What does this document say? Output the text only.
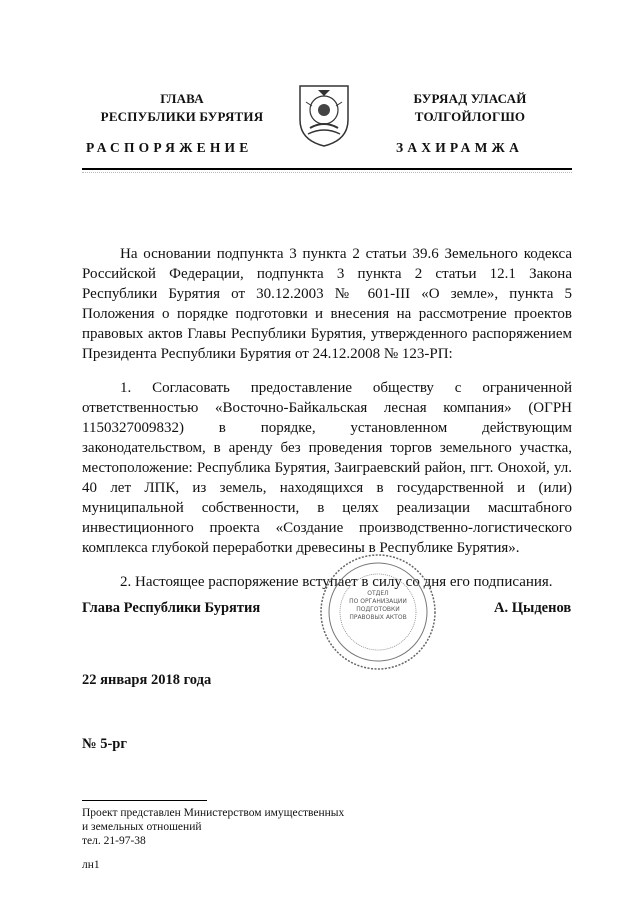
ГЛАВА
РЕСПУБЛИКИ БУРЯТИЯ
БУРЯАД УЛАСАЙ
ТОЛГОЙЛОГШО
РАСПОРЯЖЕНИЕ	ЗАХИРАМЖА

На основании подпункта 3 пункта 2 статьи 39.6 Земельного кодекса Российской Федерации, подпункта 3 пункта 2 статьи 12.1 Закона Республики Бурятия от 30.12.2003 № 601-III «О земле», пункта 5 Положения о порядке подготовки и внесения на рассмотрение проектов правовых актов Главы Республики Бурятия, утвержденного распоряжением Президента Республики Бурятия от 24.12.2008 № 123-РП:

1. Согласовать предоставление обществу с ограниченной ответственностью «Восточно-Байкальская лесная компания» (ОГРН 1150327009832) в порядке, установленном действующим законодательством, в аренду без проведения торгов земельного участка, местоположение: Республика Бурятия, Заиграевский район, пгт. Онохой, ул. 40 лет ЛПК, из земель, находящихся в государственной и (или) муниципальной собственности, в целях реализации масштабного инвестиционного проекта «Создание производственно-логистического комплекса глубокой переработки древесины в Республике Бурятия».

2. Настоящее распоряжение вступает в силу со дня его подписания.

ОТДЕЛ
ПО ОРГАНИЗАЦИИ
ПОДГОТОВКИ
ПРАВОВЫХ АКТОВ
Глава Республики Бурятия	А. Цыденов
22 января 2018 года
№ 5-рг
Проект представлен Министерством имущественных
и земельных отношений
тел. 21-97-38
лн1
